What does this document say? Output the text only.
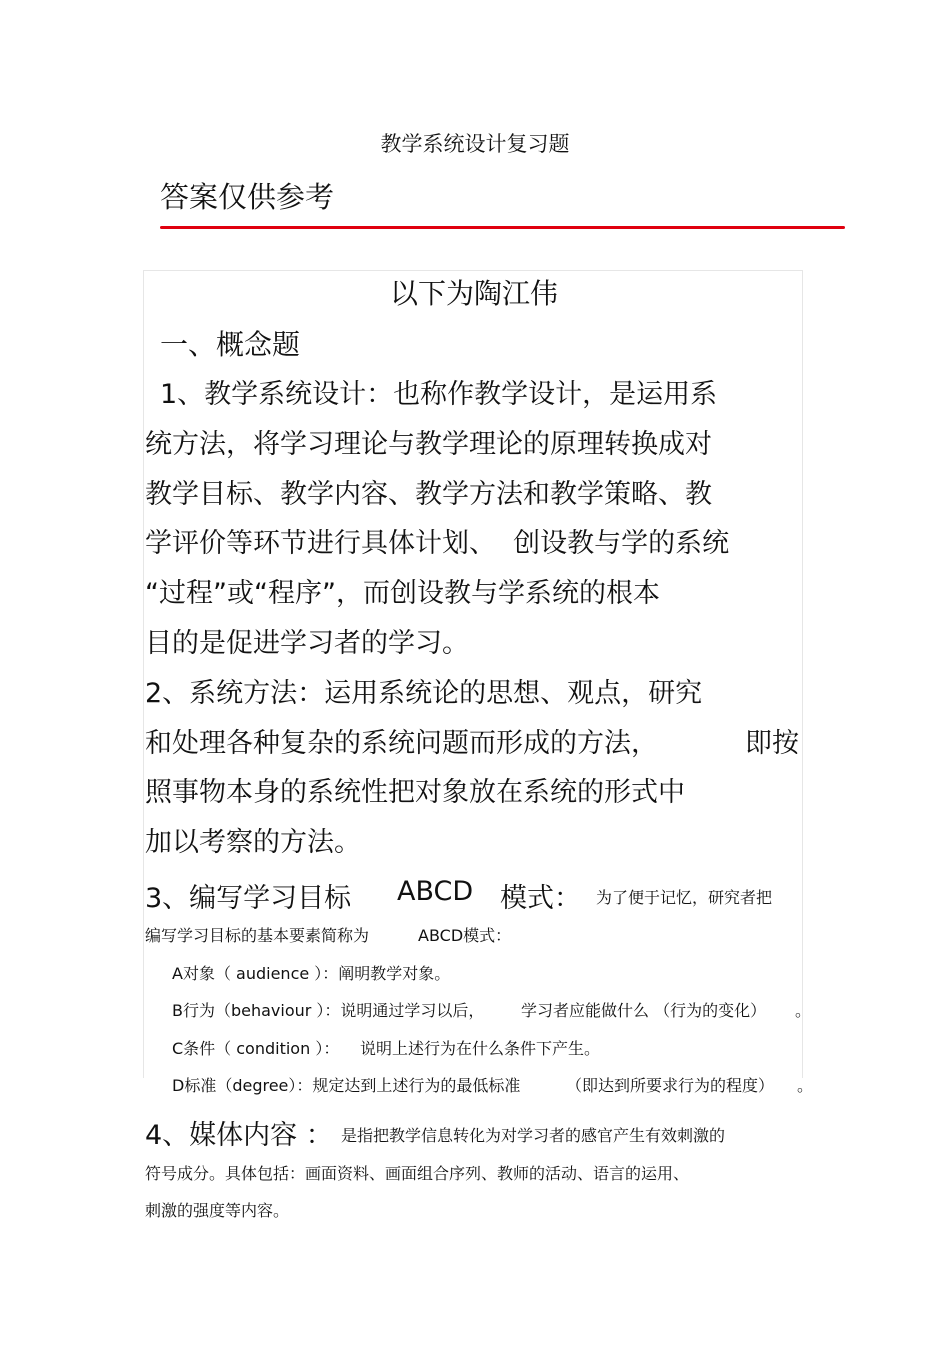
教学系统设计复习题
答案仅供参考
以下为陶江伟
一、概念题
1、教学系统设计：也称作教学设计，是运用系
统方法，将学习理论与教学理论的原理转换成对
教学目标、教学内容、教学方法和教学策略、教
学评价等环节进行具体计划、  创设教与学的系统
“过程”或“程序”，而创设教与学系统的根本
目的是促进学习者的学习。
2、系统方法：运用系统论的思想、观点，研究
和处理各种复杂的系统问题而形成的方法，	即按
照事物本身的系统性把对象放在系统的形式中
加以考察的方法。
3、编写学习目标 ABCD 模式： 为了便于记忆，研究者把
编写学习目标的基本要素简称为	ABCD模式：
A对象（ audience ）：阐明教学对象。
B行为（behaviour ）：说明通过学习以后， 学习者应能做什么 （行为的变化） 。
C条件（ condition ）： 说明上述行为在什么条件下产生。
D标准（degree）：规定达到上述行为的最低标准	（即达到所要求行为的程度） 。
4、媒体内容 ： 是指把教学信息转化为对学习者的感官产生有效刺激的
符号成分。具体包括：画面资料、画面组合序列、教师的活动、语言的运用、
刺激的强度等内容。
